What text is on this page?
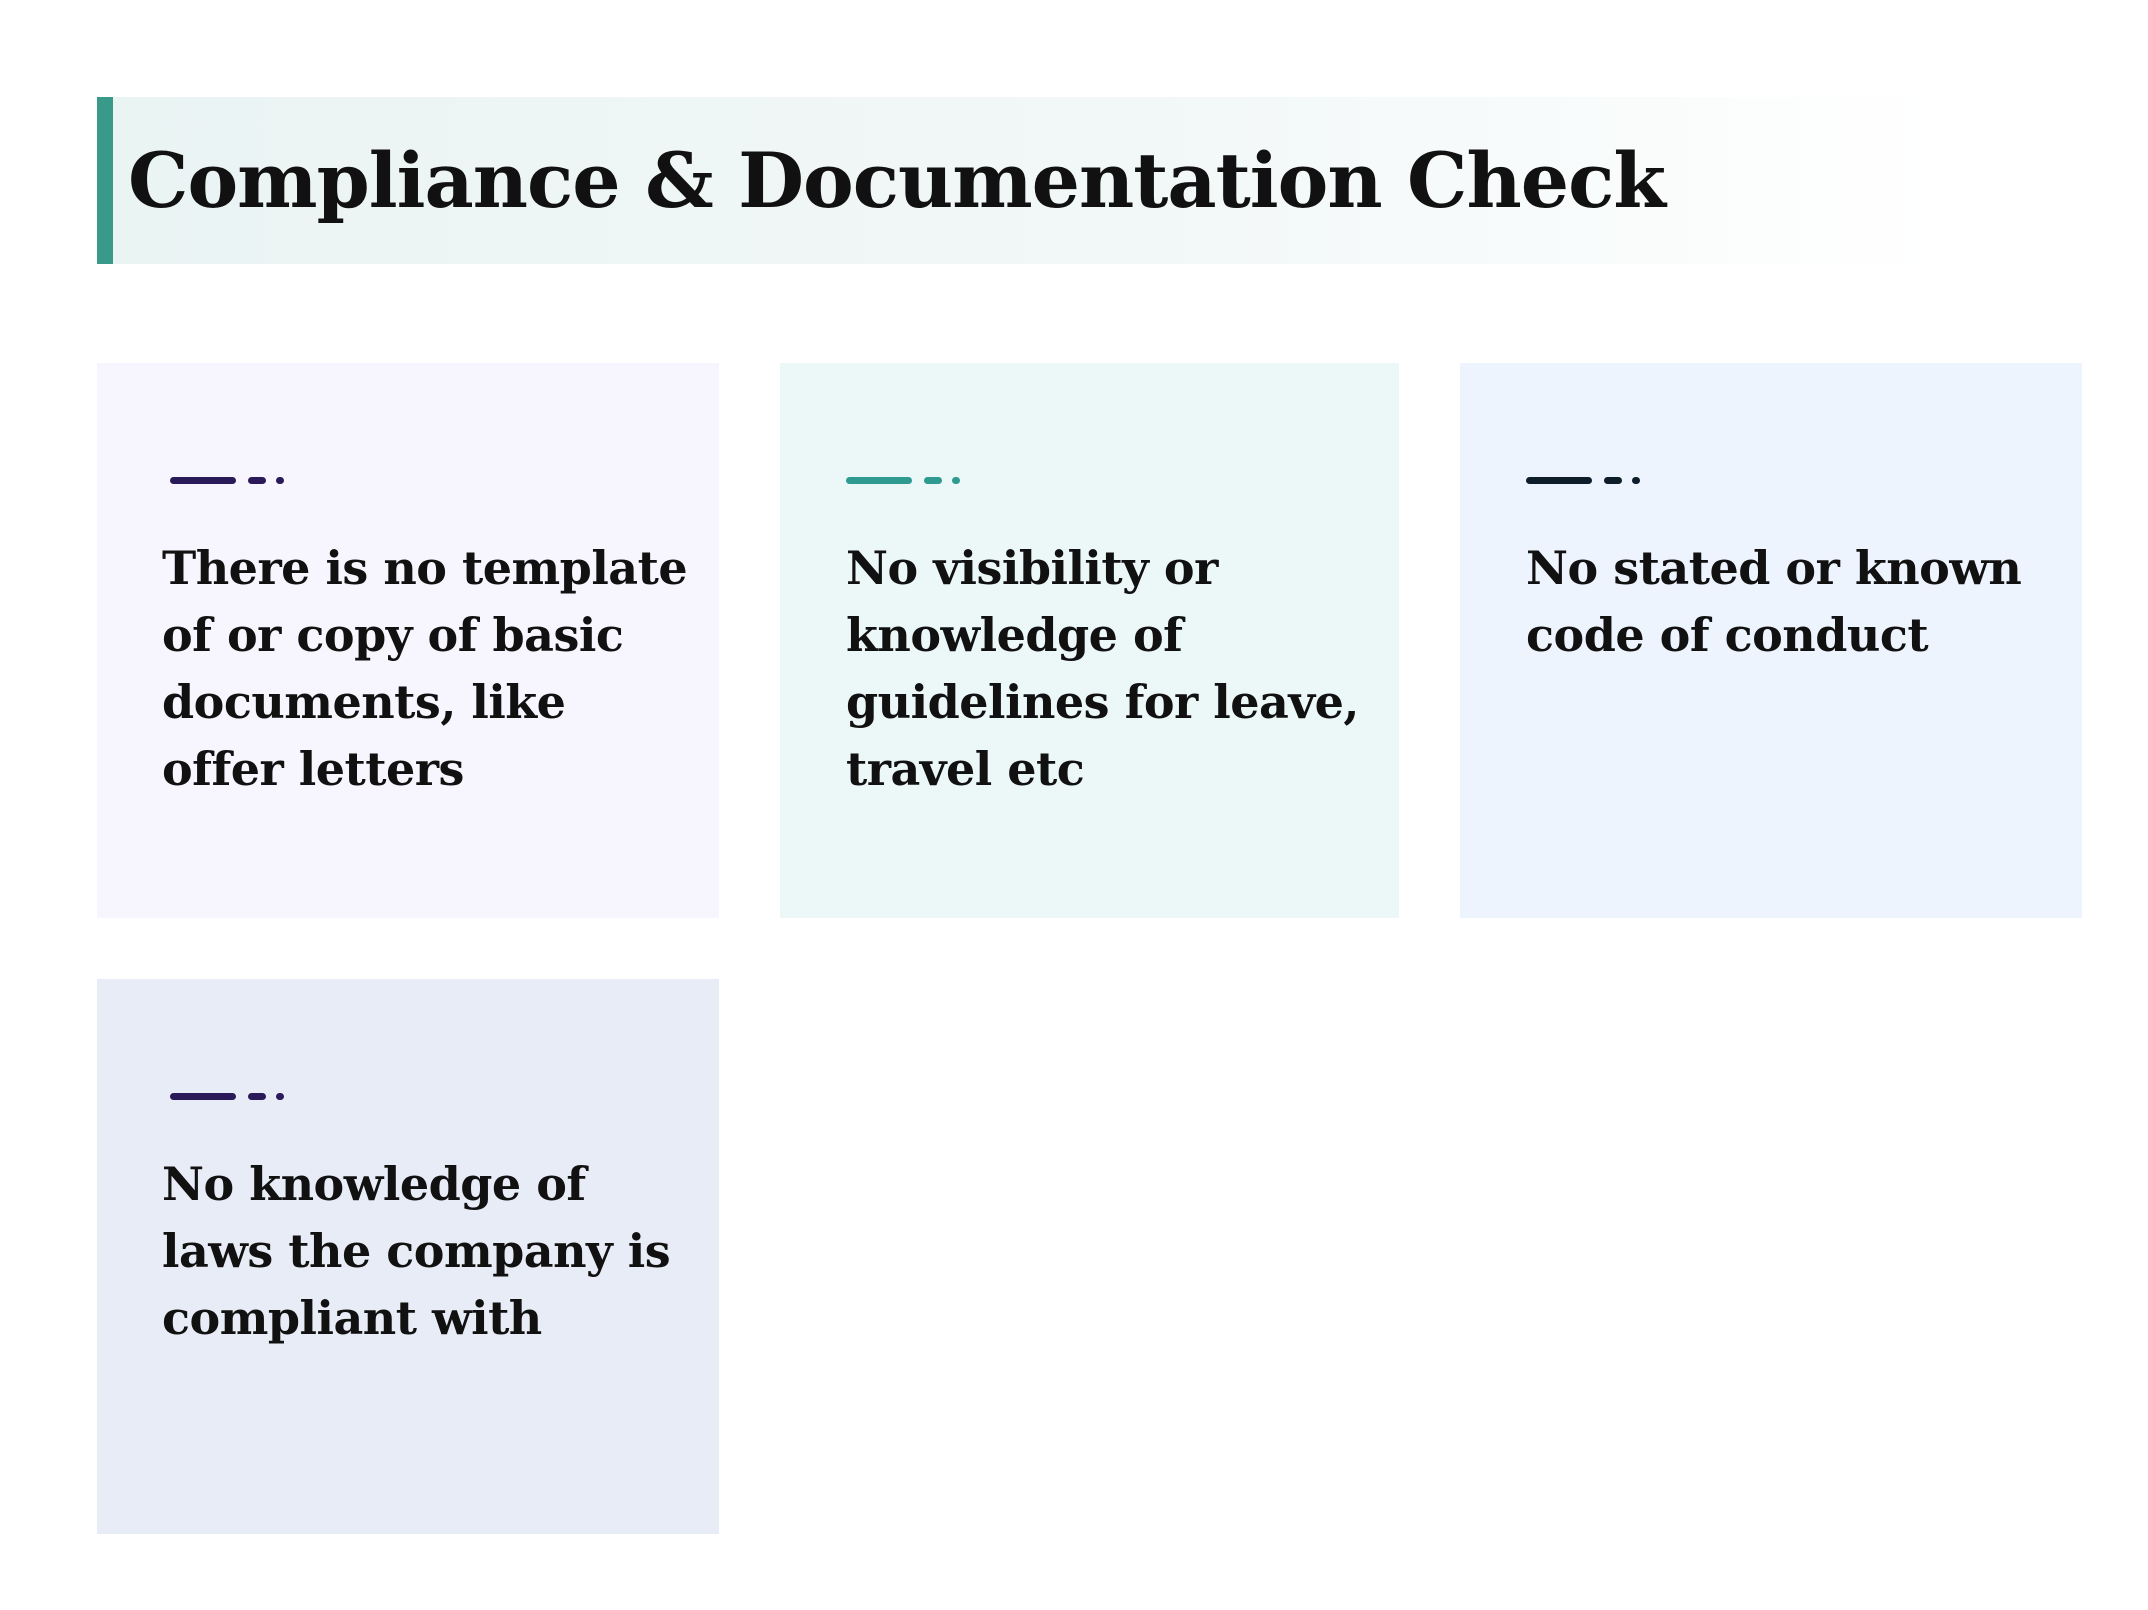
Compliance & Documentation Check

There is no template of or copy of basic documents, like offer letters

No visibility or knowledge of guidelines for leave, travel etc

No stated or known code of conduct

No knowledge of laws the company is compliant with
